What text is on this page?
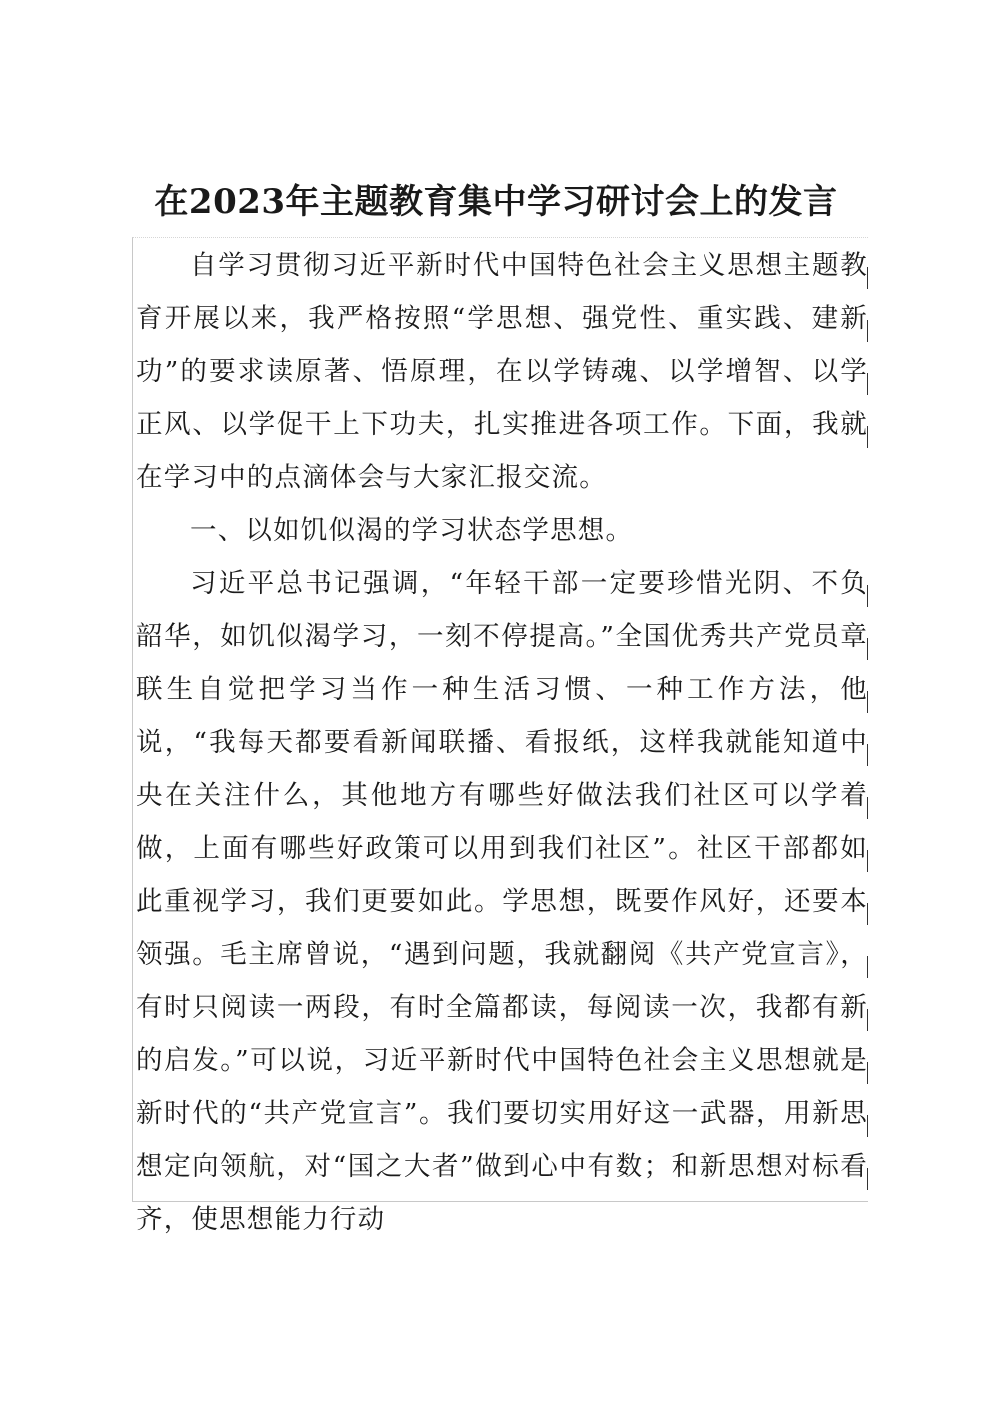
在2023年主题教育集中学习研讨会上的发言

自学习贯彻习近平新时代中国特色社会主义思想主题教育开展以来，我严格按照“学思想、强党性、重实践、建新功”的要求读原著、悟原理，在以学铸魂、以学增智、以学正风、以学促干上下功夫，扎实推进各项工作。下面，我就在学习中的点滴体会与大家汇报交流。

一、以如饥似渴的学习状态学思想。

习近平总书记强调，“年轻干部一定要珍惜光阴、不负韶华，如饥似渴学习，一刻不停提高。”全国优秀共产党员章联生自觉把学习当作一种生活习惯、一种工作方法，他说，“我每天都要看新闻联播、看报纸，这样我就能知道中央在关注什么，其他地方有哪些好做法我们社区可以学着做，上面有哪些好政策可以用到我们社区”。社区干部都如此重视学习，我们更要如此。学思想，既要作风好，还要本领强。毛主席曾说，“遇到问题，我就翻阅《共产党宣言》，有时只阅读一两段，有时全篇都读，每阅读一次，我都有新的启发。”可以说，习近平新时代中国特色社会主义思想就是新时代的“共产党宣言”。我们要切实用好这一武器，用新思想定向领航，对“国之大者”做到心中有数；和新思想对标看齐，使思想能力行动
